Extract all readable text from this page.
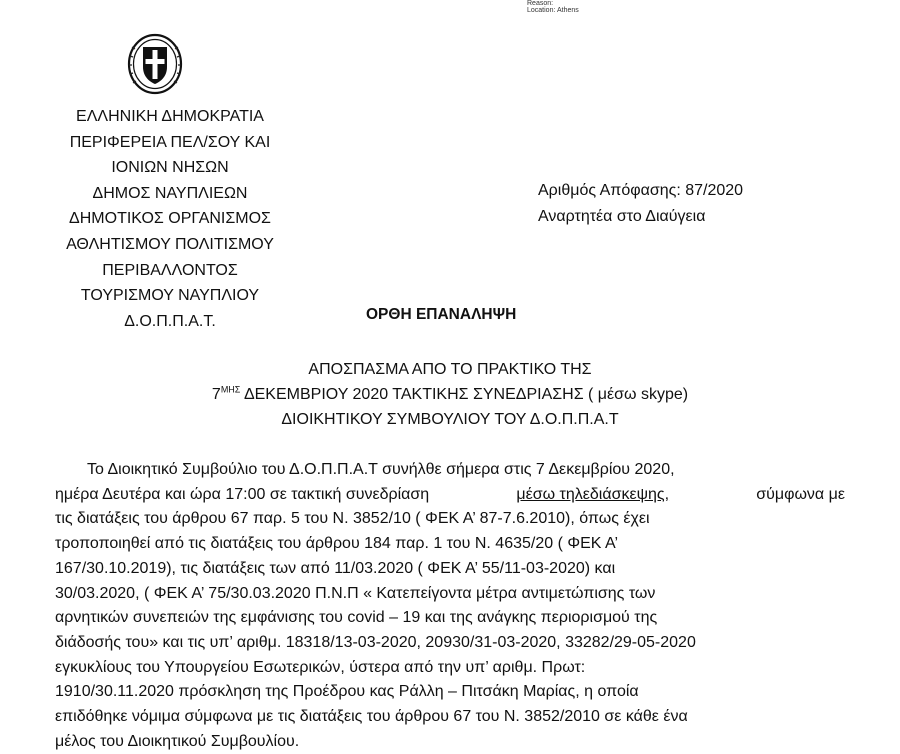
Reason:
Location: Athens
ΕΛΛΗΝΙΚΗ ΔΗΜΟΚΡΑΤΙΑ
ΠΕΡΙΦΕΡΕΙΑ ΠΕΛ/ΣΟΥ ΚΑΙ
ΙΟΝΙΩΝ ΝΗΣΩΝ
ΔΗΜΟΣ ΝΑΥΠΛΙΕΩΝ
ΔΗΜΟΤΙΚΟΣ ΟΡΓΑΝΙΣΜΟΣ
ΑΘΛΗΤΙΣΜΟΥ ΠΟΛΙΤΙΣΜΟΥ
ΠΕΡΙΒΑΛΛΟΝΤΟΣ
ΤΟΥΡΙΣΜΟΥ ΝΑΥΠΛΙΟΥ
Δ.Ο.Π.Π.Α.Τ.
Αριθμός Απόφασης: 87/2020
Αναρτητέα στο Διαύγεια
ΟΡΘΗ ΕΠΑΝΑΛΗΨΗ
ΑΠΟΣΠΑΣΜΑ ΑΠΟ ΤΟ ΠΡΑΚΤΙΚΟ ΤΗΣ
$7^{MH\Sigma}$ ΔΕΚΕΜΒΡΙΟΥ 2020 ΤΑΚΤΙΚΗΣ ΣΥΝΕΔΡΙΑΣΗΣ ( μέσω skype)
ΔΙΟΙΚΗΤΙΚΟΥ ΣΥΜΒΟΥΛΙΟΥ ΤΟΥ Δ.Ο.Π.Π.Α.Τ
Το Διοικητικό Συμβούλιο του Δ.Ο.Π.Π.Α.Τ συνήλθε σήμερα στις 7 Δεκεμβρίου 2020,
ημέρα Δευτέρα και ώρα 17:00 σε τακτική συνεδρίαση	μέσω τηλεδιάσκεψης,	σύμφωνα με
τις διατάξεις του άρθρου 67 παρ. 5 του Ν. 3852/10 ( ΦΕΚ Α’ 87-7.6.2010), όπως έχει
τροποποιηθεί από τις διατάξεις του άρθρου 184 παρ. 1 του Ν. 4635/20 ( ΦΕΚ Α’
167/30.10.2019), τις διατάξεις των από 11/03.2020 ( ΦΕΚ Α’ 55/11-03-2020) και
30/03.2020, ( ΦΕΚ Α’ 75/30.03.2020 Π.Ν.Π « Κατεπείγοντα μέτρα αντιμετώπισης των
αρνητικών συνεπειών της εμφάνισης του covid – 19 και της ανάγκης περιορισμού της
διάδοσής του» και τις υπ’ αριθμ. 18318/13-03-2020, 20930/31-03-2020, 33282/29-05-2020
εγκυκλίους του Υπουργείου Εσωτερικών, ύστερα από την υπ’ αριθμ. Πρωτ:
1910/30.11.2020 πρόσκληση της Προέδρου κας Ράλλη – Πιτσάκη Μαρίας, η οποία
επιδόθηκε νόμιμα σύμφωνα με τις διατάξεις του άρθρου 67 του Ν. 3852/2010 σε κάθε ένα
μέλος του Διοικητικού Συμβουλίου.
